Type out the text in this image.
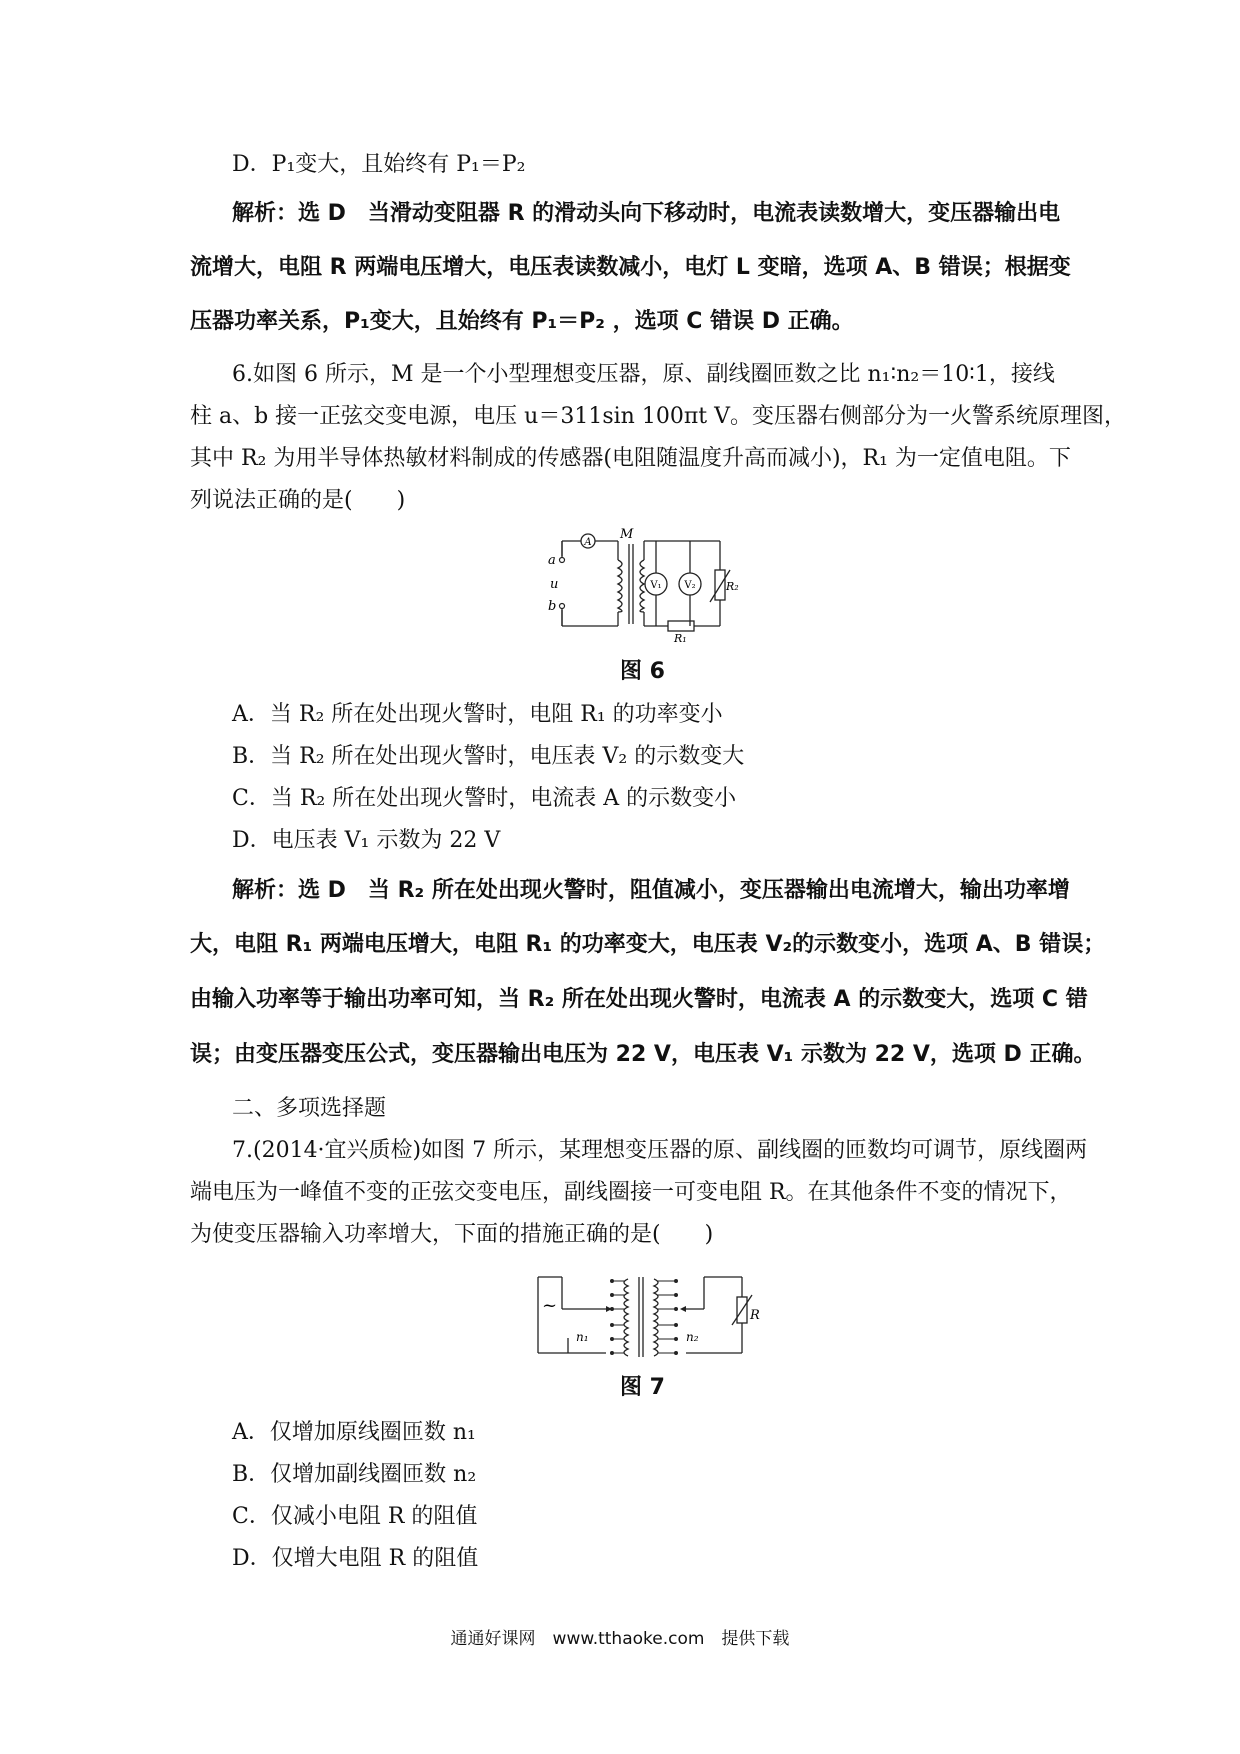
D．P₁变大，且始终有 P₁＝P₂
解析：选 D　当滑动变阻器 R 的滑动头向下移动时，电流表读数增大，变压器输出电
流增大，电阻 R 两端电压增大，电压表读数减小，电灯 L 变暗，选项 A、B 错误；根据变
压器功率关系，P₁变大，且始终有 P₁＝P₂ ，选项 C 错误 D 正确。
6.如图 6 所示，M 是一个小型理想变压器，原、副线圈匝数之比 n₁∶n₂＝10∶1，接线
柱 a、b 接一正弦交变电源，电压 u＝311sin 100πt V。变压器右侧部分为一火警系统原理图，
其中 R₂ 为用半导体热敏材料制成的传感器(电阻随温度升高而减小)，R₁ 为一定值电阻。下
列说法正确的是(　　)
A
V₁ V₂
a
b
u
M
R₂
R₁
图 6
A．当 R₂ 所在处出现火警时，电阻 R₁ 的功率变小
B．当 R₂ 所在处出现火警时，电压表 V₂ 的示数变大
C．当 R₂ 所在处出现火警时，电流表 A 的示数变小
D．电压表 V₁ 示数为 22 V
解析：选 D　当 R₂ 所在处出现火警时，阻值减小，变压器输出电流增大，输出功率增
大，电阻 R₁ 两端电压增大，电阻 R₁ 的功率变大，电压表 V₂的示数变小，选项 A、B 错误；
由输入功率等于输出功率可知，当 R₂ 所在处出现火警时，电流表 A 的示数变大，选项 C 错
误；由变压器变压公式，变压器输出电压为 22 V，电压表 V₁ 示数为 22 V，选项 D 正确。
二、多项选择题
7.(2014·宜兴质检)如图 7 所示，某理想变压器的原、副线圈的匝数均可调节，原线圈两
端电压为一峰值不变的正弦交变电压，副线圈接一可变电阻 R。在其他条件不变的情况下，
为使变压器输入功率增大，下面的措施正确的是(　　)
~
n₁	n₂
R
图 7
A．仅增加原线圈匝数 n₁
B．仅增加副线圈匝数 n₂
C．仅减小电阻 R 的阻值
D．仅增大电阻 R 的阻值
通通好课网　www.tthaoke.com　提供下载
